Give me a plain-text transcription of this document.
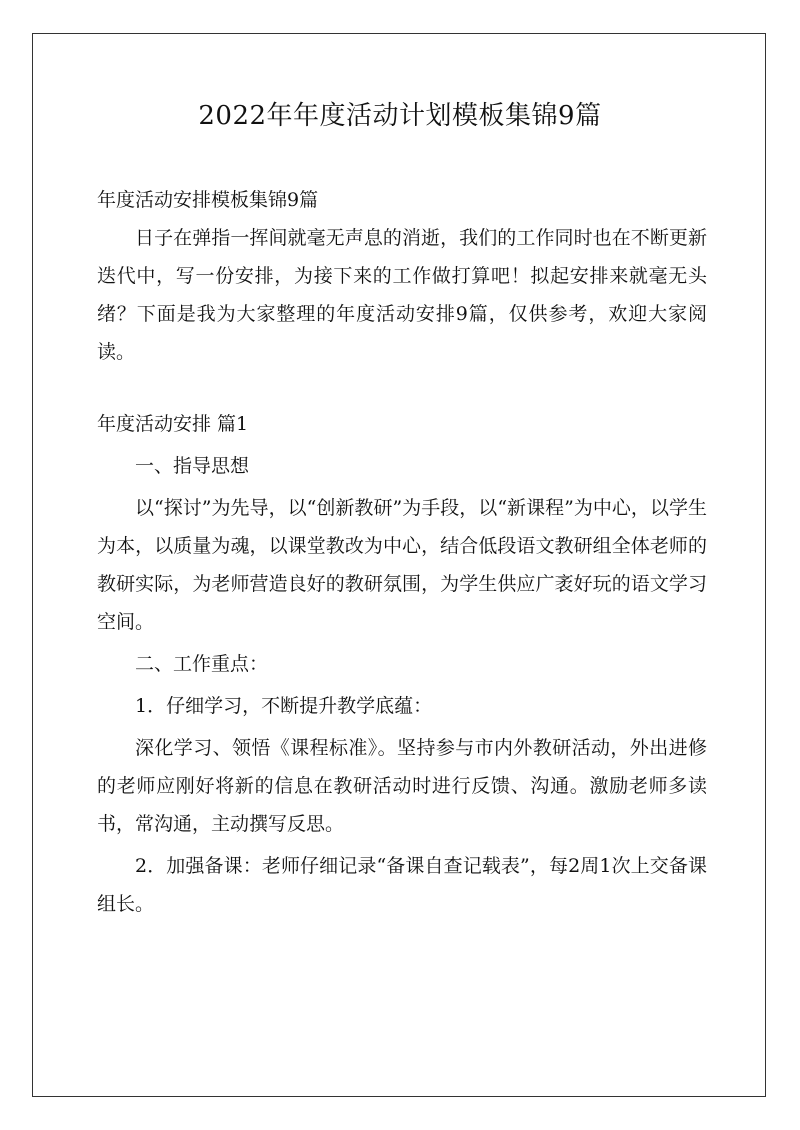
2022年年度活动计划模板集锦9篇

年度活动安排模板集锦9篇

日子在弹指一挥间就毫无声息的消逝，我们的工作同时也在不断更新迭代中，写一份安排，为接下来的工作做打算吧！拟起安排来就毫无头绪？下面是我为大家整理的年度活动安排9篇，仅供参考，欢迎大家阅读。

年度活动安排 篇1

一、指导思想

以“探讨”为先导，以“创新教研”为手段，以“新课程”为中心，以学生为本，以质量为魂，以课堂教改为中心，结合低段语文教研组全体老师的教研实际，为老师营造良好的教研氛围，为学生供应广袤好玩的语文学习空间。

二、工作重点：

1．仔细学习，不断提升教学底蕴：

深化学习、领悟《课程标准》。坚持参与市内外教研活动，外出进修的老师应刚好将新的信息在教研活动时进行反馈、沟通。激励老师多读书，常沟通，主动撰写反思。

2．加强备课：老师仔细记录“备课自查记载表”，每2周1次上交备课组长。
